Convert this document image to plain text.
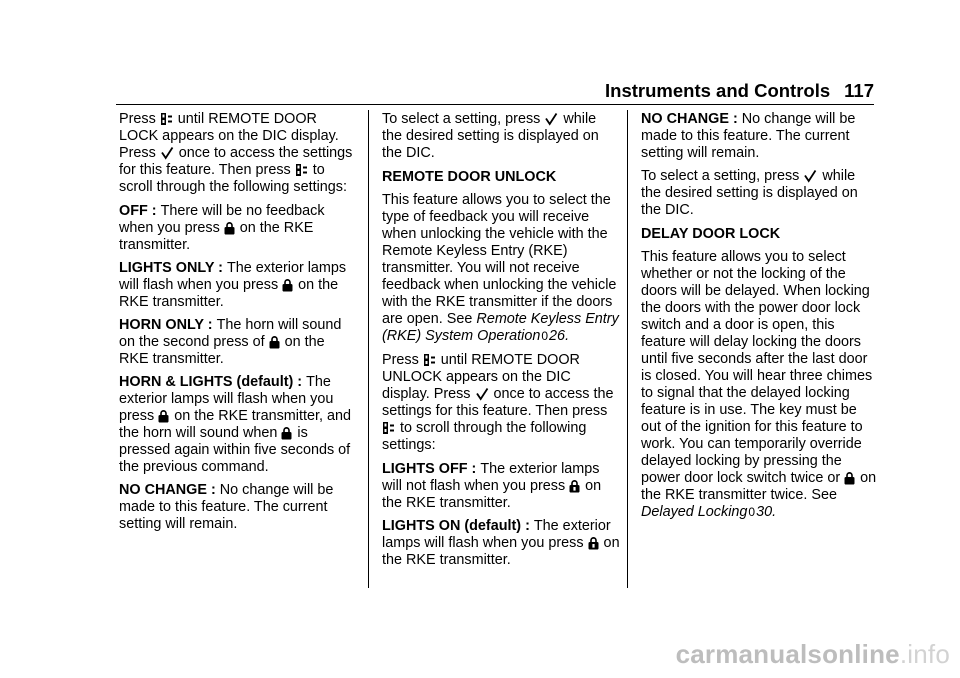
Instruments and Controls 117

Press
until REMOTE DOOR LOCK appears on the DIC display. Press
once to access the settings for this feature. Then press
to scroll through the following settings:

OFF : There will be no feedback when you press
on the RKE transmitter.

LIGHTS ONLY : The exterior lamps will flash when you press
on the RKE transmitter.

HORN ONLY : The horn will sound on the second press of
on the RKE transmitter.

HORN & LIGHTS (default) : The exterior lamps will flash when you press
on the RKE transmitter, and the horn will sound when
is pressed again within five seconds of the previous command.

NO CHANGE : No change will be made to this feature. The current setting will remain.

To select a setting, press
while the desired setting is displayed on the DIC.

REMOTE DOOR UNLOCK

This feature allows you to select the type of feedback you will receive when unlocking the vehicle with the Remote Keyless Entry (RKE) transmitter. You will not receive feedback when unlocking the vehicle with the RKE transmitter if the doors are open. See Remote Keyless Entry (RKE) System Operation026.

Press
until REMOTE DOOR UNLOCK appears on the DIC display. Press
once to access the settings for this feature. Then press
to scroll through the following settings:

LIGHTS OFF : The exterior lamps will not flash when you press
on the RKE transmitter.

LIGHTS ON (default) : The exterior lamps will flash when you press
on the RKE transmitter.

NO CHANGE : No change will be made to this feature. The current setting will remain.

To select a setting, press
while the desired setting is displayed on the DIC.

DELAY DOOR LOCK

This feature allows you to select whether or not the locking of the doors will be delayed. When locking the doors with the power door lock switch and a door is open, this feature will delay locking the doors until five seconds after the last door is closed. You will hear three chimes to signal that the delayed locking feature is in use. The key must be out of the ignition for this feature to work. You can temporarily override delayed locking by pressing the power door lock switch twice or
on the RKE transmitter twice. See Delayed Locking030.

carmanualsonline.info
